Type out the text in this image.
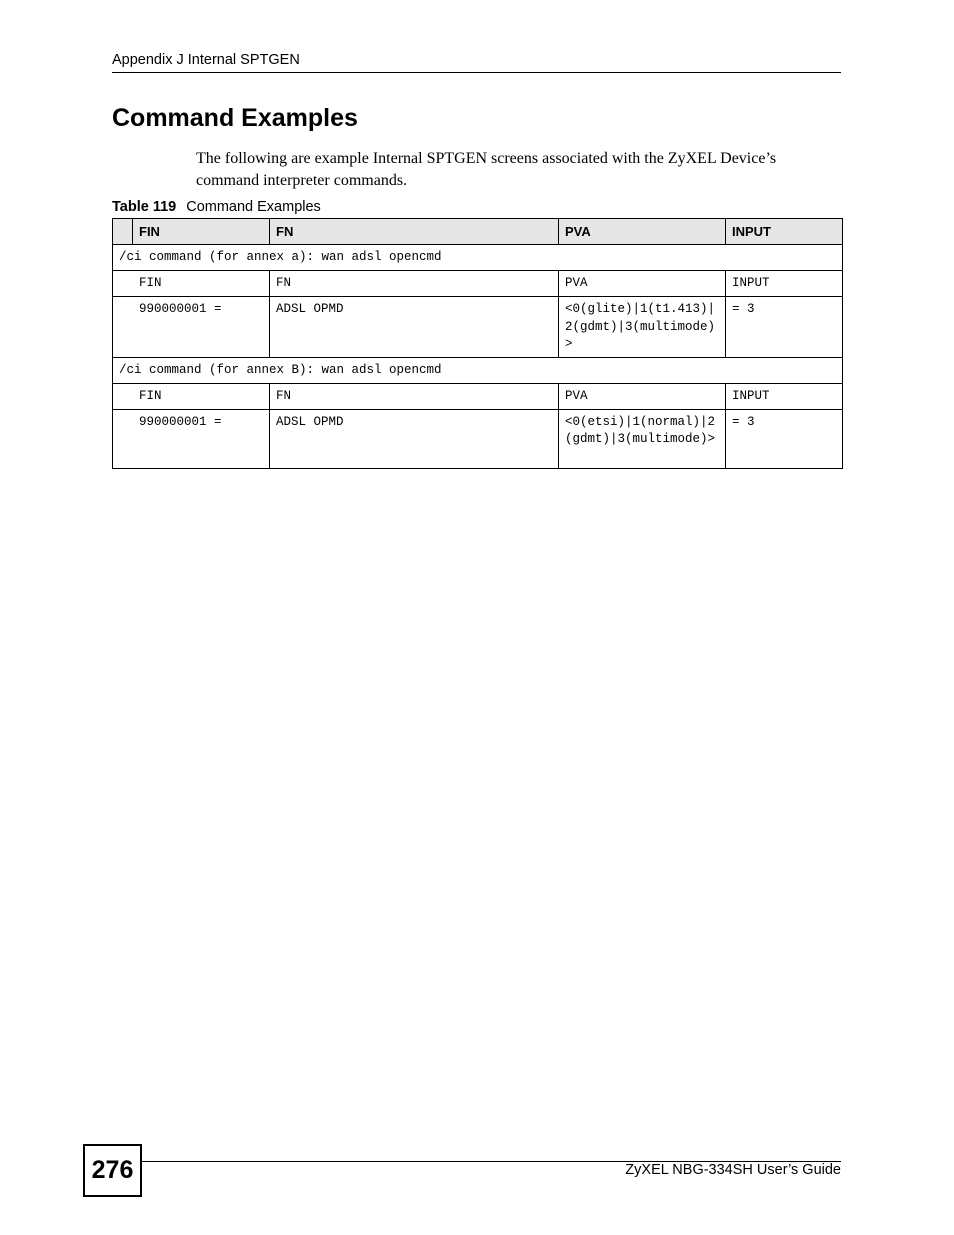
Appendix J Internal SPTGEN
Command Examples

The following are example Internal SPTGEN screens associated with the ZyXEL Device’s command interpreter commands.

Table 119 Command Examples
	FIN	FN	PVA	INPUT
/ci command (for annex a): wan adsl opencmd				
FIN		FN	PVA	INPUT
990000001 =		ADSL OPMD	<0(glite)|1(t1.413)|2(gdmt)|3(multimode)>	= 3
/ci command (for annex B): wan adsl opencmd				
FIN		FN	PVA	INPUT
990000001 =		ADSL OPMD	<0(etsi)|1(normal)|2(gdmt)|3(multimode)>	= 3
276	ZyXEL NBG-334SH User’s Guide
